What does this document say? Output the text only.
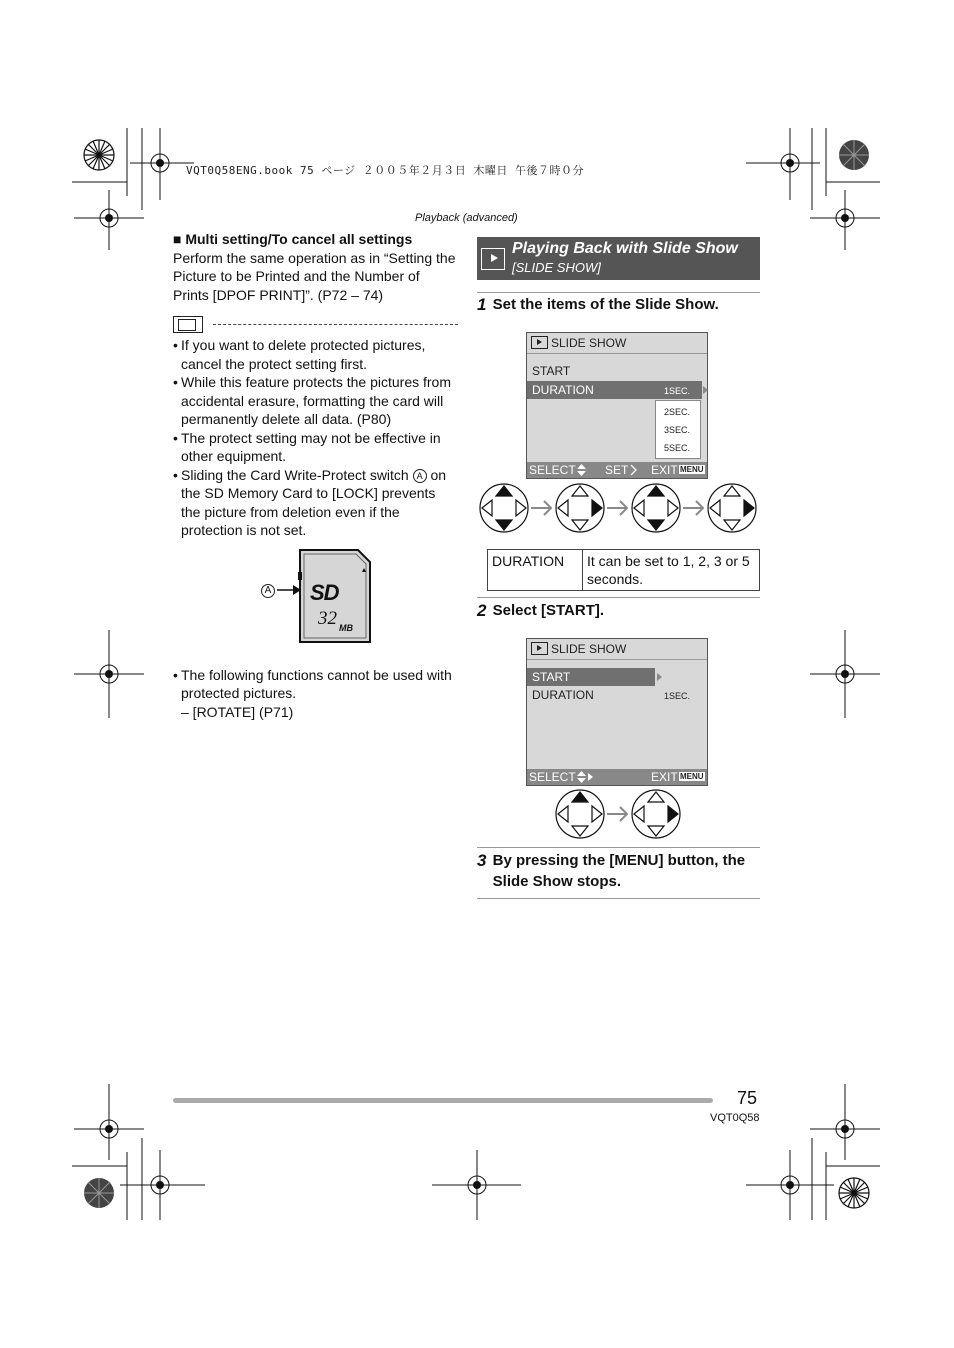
VQT0Q58ENG.book 75 ページ ２００５年２月３日 木曜日 午後７時０分
Playback (advanced)
■ Multi setting/To cancel all settings

Perform the same operation as in “Setting the Picture to be Printed and the Number of Prints [DPOF PRINT]”. (P72 – 74)

• If you want to delete protected pictures, cancel the protect setting first.
• While this feature protects the pictures from accidental erasure, formatting the card will permanently delete all data. (P80)
• The protect setting may not be effective in other equipment.
• Sliding the Card Write-Protect switch A on the SD Memory Card to [LOCK] prevents the picture from deletion even if the protection is not set.
A SD
32 MB
• The following functions cannot be used with protected pictures.
– [ROTATE] (P71)
Playing Back with Slide Show
[SLIDE SHOW]
1 Set the items of the Slide Show.
SLIDE SHOW
START
DURATION	1SEC.
2SEC.
3SEC.
5SEC.
SELECT SET EXIT MENU
DURATION	It can be set to 1, 2, 3 or 5 seconds.
2 Select [START].
SLIDE SHOW
START
DURATION	1SEC.
SELECT	EXIT MENU
3 By pressing the [MENU] button, the Slide Show stops.
75
VQT0Q58
